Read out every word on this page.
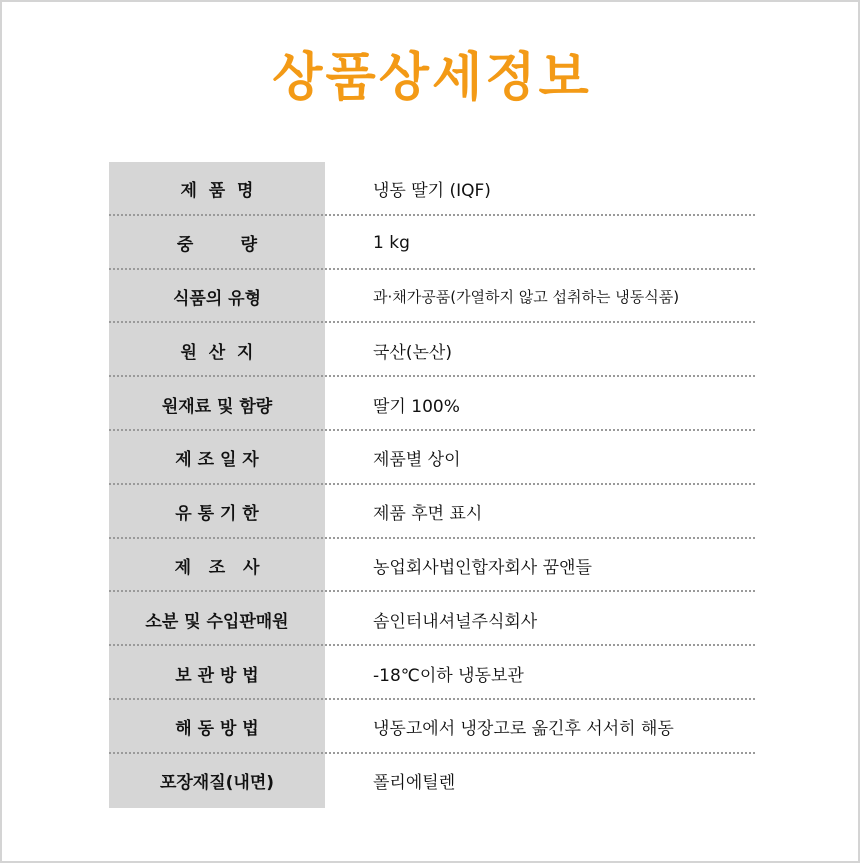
상품상세정보
제  품  명	냉동 딸기 (IQF)
중        량	1 kg
식품의 유형	과·채가공품(가열하지 않고 섭취하는 냉동식품)
원  산  지	국산(논산)
원재료 및 함량	딸기 100%
제 조 일 자	제품별 상이
유 통 기 한	제품 후면 표시
제   조   사	농업회사법인합자회사 꿈앤들
소분 및 수입판매원	솜인터내셔널주식회사
보 관 방 법	-18℃이하 냉동보관
해 동 방 법	냉동고에서 냉장고로 옮긴후 서서히 해동
포장재질(내면)	폴리에틸렌
